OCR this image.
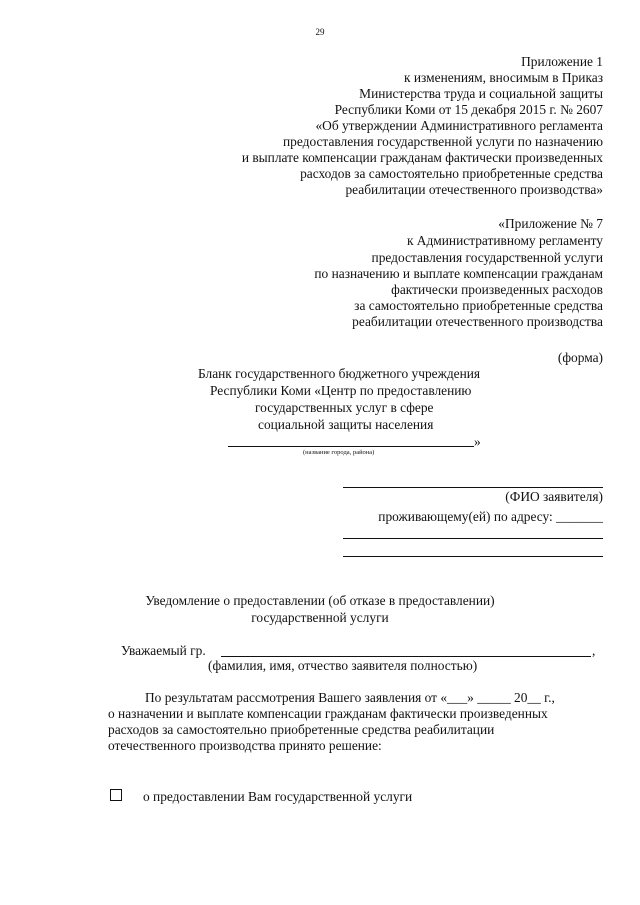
29
Приложение 1
к изменениям, вносимым в Приказ
Министерства труда и социальной защиты
Республики Коми от 15 декабря 2015 г. № 2607
«Об утверждении Административного регламента
предоставления государственной услуги по назначению
и выплате компенсации гражданам фактически произведенных
расходов за самостоятельно приобретенные средства
реабилитации отечественного производства»
«Приложение № 7
к Административному регламенту
предоставления государственной услуги
по назначению и выплате компенсации гражданам
фактически произведенных расходов
за самостоятельно приобретенные средства
реабилитации отечественного производства
(форма)
Бланк государственного бюджетного учреждения
Республики Коми «Центр по предоставлению
государственных услуг в сфере
социальной защиты населения
»
(название города, района)
(ФИО заявителя)
проживающему(ей) по адресу: _______
Уведомление о предоставлении (об отказе в предоставлении)
государственной услуги
Уважаемый гр.	,
(фамилия, имя, отчество заявителя полностью)
По результатам рассмотрения Вашего заявления от «___» _____ 20__ г.,
о назначении и выплате компенсации гражданам фактически произведенных
расходов за самостоятельно приобретенные средства реабилитации
отечественного производства принято решение:
о предоставлении Вам государственной услуги
